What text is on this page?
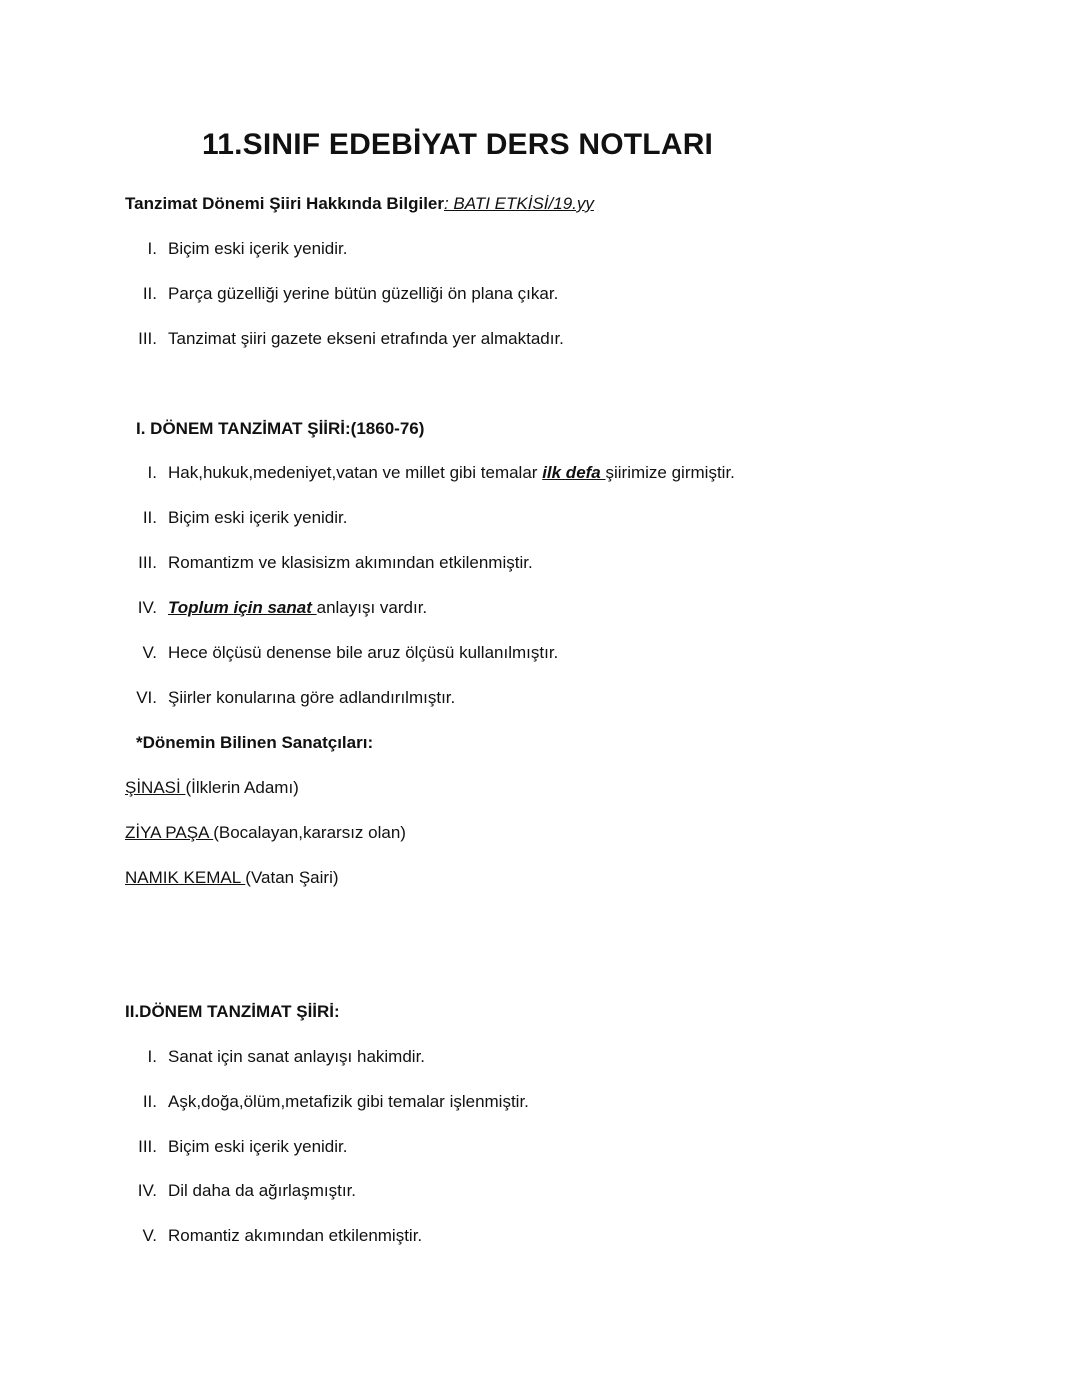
11.SINIF EDEBİYAT DERS NOTLARI
Tanzimat Dönemi Şiiri Hakkında Bilgiler: BATI ETKİSİ/19.yy
I. Biçim eski içerik yenidir.
II. Parça güzelliği yerine bütün güzelliği ön plana çıkar.
III. Tanzimat şiiri gazete ekseni etrafında yer almaktadır.
I. DÖNEM TANZİMAT ŞİİRİ:(1860-76)
I. Hak,hukuk,medeniyet,vatan ve millet gibi temalar ilk defa şiirimize girmiştir.
II. Biçim eski içerik yenidir.
III. Romantizm ve klasisizm akımından etkilenmiştir.
IV. Toplum için sanat anlayışı vardır.
V. Hece ölçüsü denense bile aruz ölçüsü kullanılmıştır.
VI. Şiirler konularına göre adlandırılmıştır.
*Dönemin Bilinen Sanatçıları:
ŞİNASİ (İlklerin Adamı)
ZİYA PAŞA (Bocalayan,kararsız olan)
NAMIK KEMAL (Vatan Şairi)
II.DÖNEM TANZİMAT ŞİİRİ:
I. Sanat için sanat anlayışı hakimdir.
II. Aşk,doğa,ölüm,metafizik gibi temalar işlenmiştir.
III. Biçim eski içerik yenidir.
IV. Dil daha da ağırlaşmıştır.
V. Romantiz akımından etkilenmiştir.
